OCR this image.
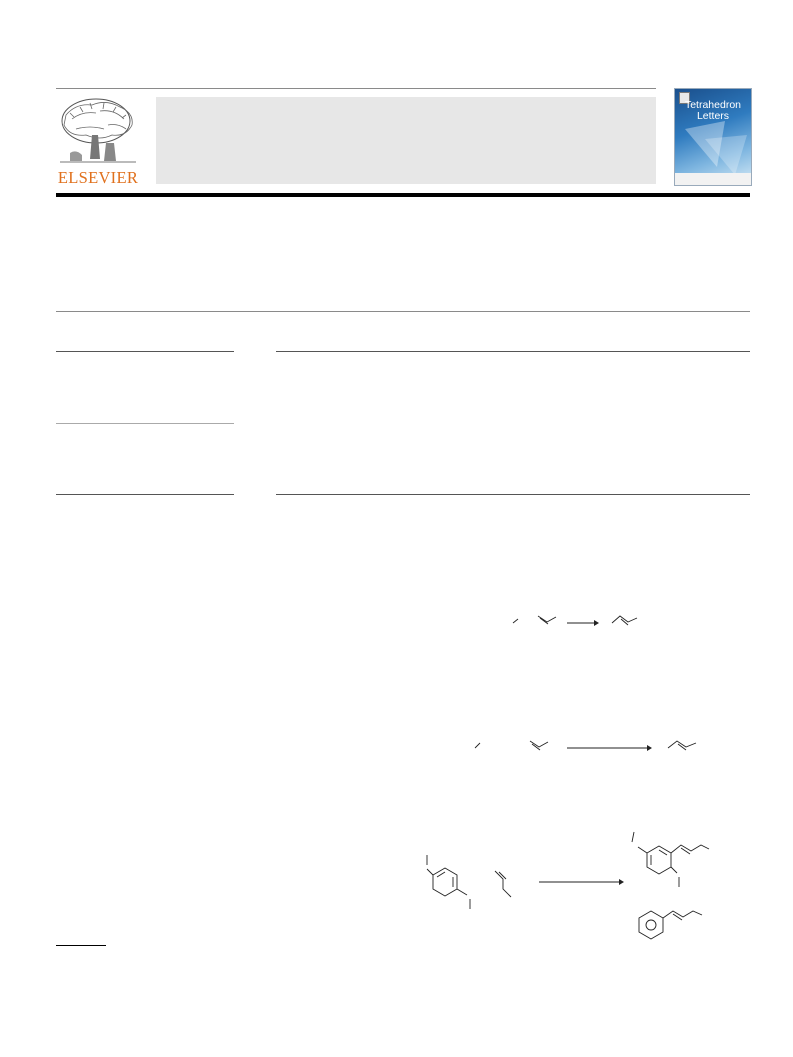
ELSEVIER
Tetrahedron
Letters
